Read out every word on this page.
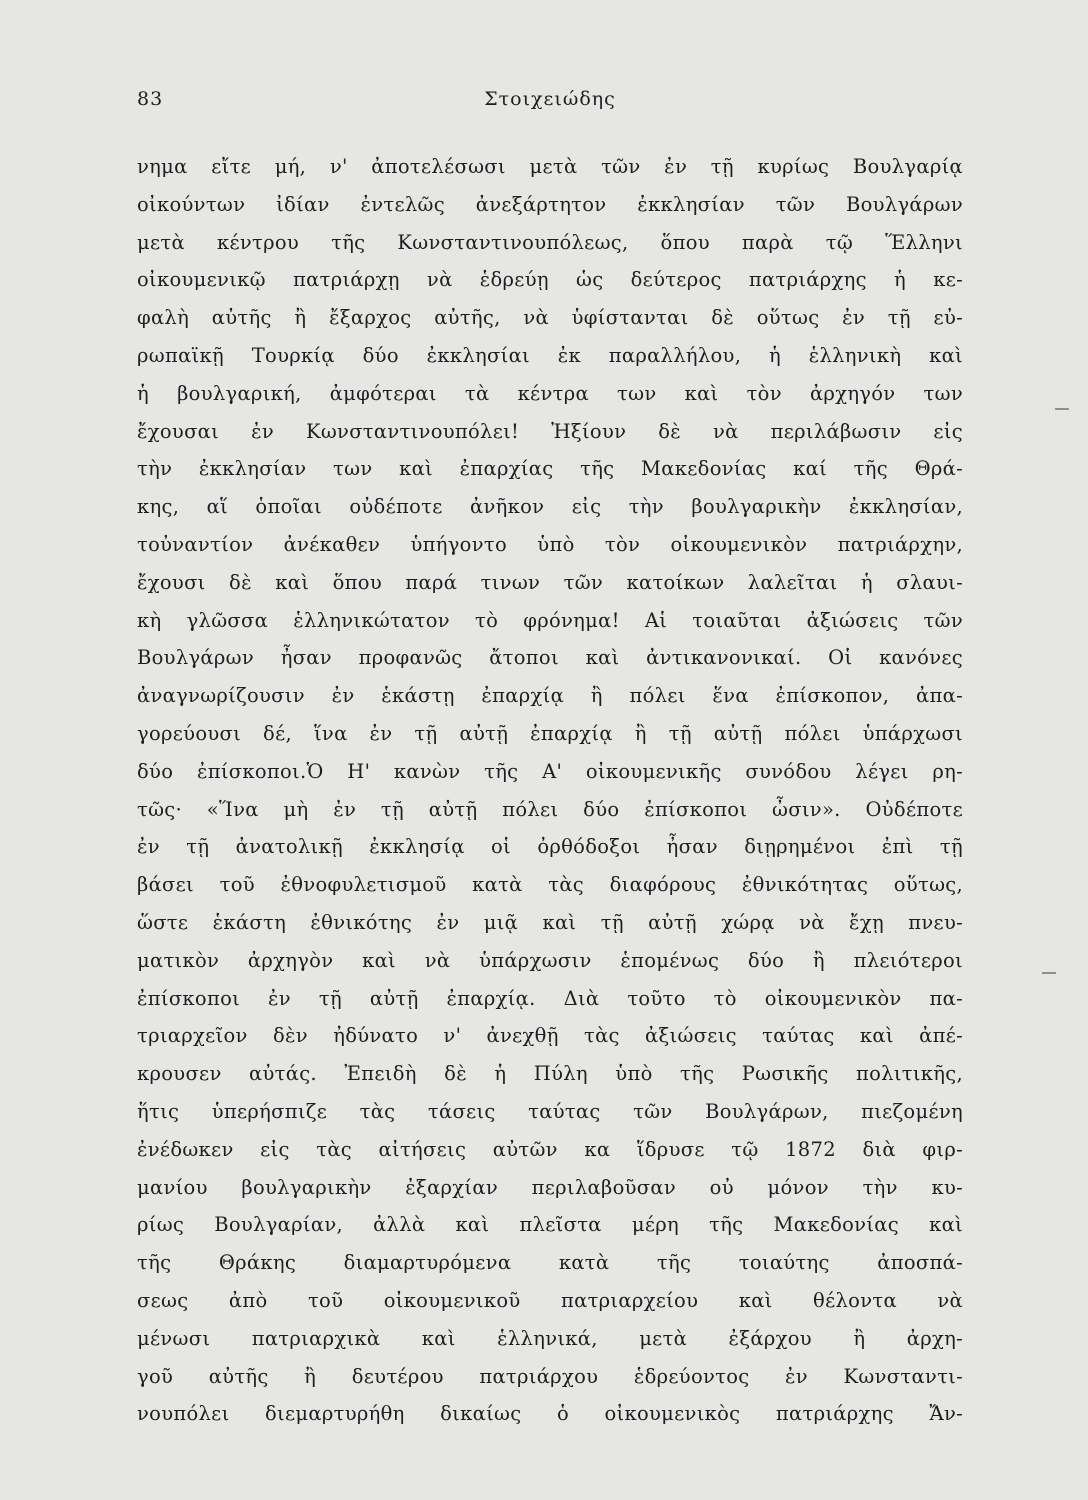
83	Στοιχειώδης
νημα εἴτε μή, ν' ἀποτελέσωσι μετὰ τῶν ἐν τῇ κυρίως Βουλγαρίᾳ
οἰκούντων ἰδίαν ἐντελῶς ἀνεξάρτητον ἐκκλησίαν τῶν Βουλγάρων
μετὰ κέντρου τῆς Κωνσταντινουπόλεως, ὅπου παρὰ τῷ Ἕλληνι
οἰκουμενικῷ πατριάρχῃ νὰ ἑδρεύῃ ὡς δεύτερος πατριάρχης ἡ κε-
φαλὴ αὐτῆς ἢ ἔξαρχος αὐτῆς, νὰ ὑφίστανται δὲ οὕτως ἐν τῇ εὐ-
ρωπαϊκῇ Τουρκίᾳ δύο ἐκκλησίαι ἐκ παραλλήλου, ἡ ἑλληνικὴ καὶ
ἡ βουλγαρική, ἀμφότεραι τὰ κέντρα των καὶ τὸν ἀρχηγόν των
ἔχουσαι ἐν Κωνσταντινουπόλει! Ἠξίουν δὲ νὰ περιλάβωσιν εἰς
τὴν ἐκκλησίαν των καὶ ἐπαρχίας τῆς Μακεδονίας καί τῆς Θρά-
κης, αἵ ὁποῖαι οὐδέποτε ἀνῆκον εἰς τὴν βουλγαρικὴν ἐκκλησίαν,
τοὐναντίον ἀνέκαθεν ὑπήγοντο ὑπὸ τὸν οἰκουμενικὸν πατριάρχην,
ἔχουσι δὲ καὶ ὅπου παρά τινων τῶν κατοίκων λαλεῖται ἡ σλαυι-
κὴ γλῶσσα ἑλληνικώτατον τὸ φρόνημα! Αἱ τοιαῦται ἀξιώσεις τῶν
Βουλγάρων ἦσαν προφανῶς ἄτοποι καὶ ἀντικανονικαί. Οἱ κανόνες
ἀναγνωρίζουσιν ἐν ἑκάστῃ ἐπαρχίᾳ ἢ πόλει ἕνα ἐπίσκοπον, ἀπα-
γορεύουσι δέ, ἵνα ἐν τῇ αὐτῇ ἐπαρχίᾳ ἢ τῇ αὐτῇ πόλει ὑπάρχωσι
δύο ἐπίσκοποι.Ὁ Η' κανὼν τῆς Α' οἰκουμενικῆς συνόδου λέγει ρη-
τῶς· «Ἵνα μὴ ἐν τῇ αὐτῇ πόλει δύο ἐπίσκοποι ὦσιν». Οὐδέποτε
ἐν τῇ ἀνατολικῇ ἐκκλησίᾳ οἱ ὀρθόδοξοι ἦσαν διῃρημένοι ἐπὶ τῇ
βάσει τοῦ ἐθνοφυλετισμοῦ κατὰ τὰς διαφόρους ἐθνικότητας οὕτως,
ὥστε ἑκάστη ἐθνικότης ἐν μιᾷ καὶ τῇ αὐτῇ χώρᾳ νὰ ἔχῃ πνευ-
ματικὸν ἀρχηγὸν καὶ νὰ ὑπάρχωσιν ἑπομένως δύο ἢ πλειότεροι
ἐπίσκοποι ἐν τῇ αὐτῇ ἐπαρχίᾳ. Διὰ τοῦτο τὸ οἰκουμενικὸν πα-
τριαρχεῖον δὲν ἠδύνατο ν' ἀνεχθῇ τὰς ἀξιώσεις ταύτας καὶ ἀπέ-
κρουσεν αὐτάς. Ἐπειδὴ δὲ ἡ Πύλη ὑπὸ τῆς Ρωσικῆς πολιτικῆς,
ἥτις ὑπερήσπιζε τὰς τάσεις ταύτας τῶν Βουλγάρων, πιεζομένη
ἐνέδωκεν εἰς τὰς αἰτήσεις αὐτῶν κα ἵδρυσε τῷ 1872 διὰ φιρ-
μανίου βουλγαρικὴν ἐξαρχίαν περιλαβοῦσαν οὐ μόνον τὴν κυ-
ρίως Βουλγαρίαν, ἀλλὰ καὶ πλεῖστα μέρη τῆς Μακεδονίας καὶ
τῆς Θράκης διαμαρτυρόμενα κατὰ τῆς τοιαύτης ἀποσπά-
σεως ἀπὸ τοῦ οἰκουμενικοῦ πατριαρχείου καὶ θέλοντα νὰ
μένωσι πατριαρχικὰ καὶ ἑλληνικά, μετὰ ἐξάρχου ἢ ἀρχη-
γοῦ αὐτῆς ἢ δευτέρου πατριάρχου ἑδρεύοντος ἐν Κωνσταντι-
νουπόλει διεμαρτυρήθη δικαίως ὁ οἰκουμενικὸς πατριάρχης Ἄν-
